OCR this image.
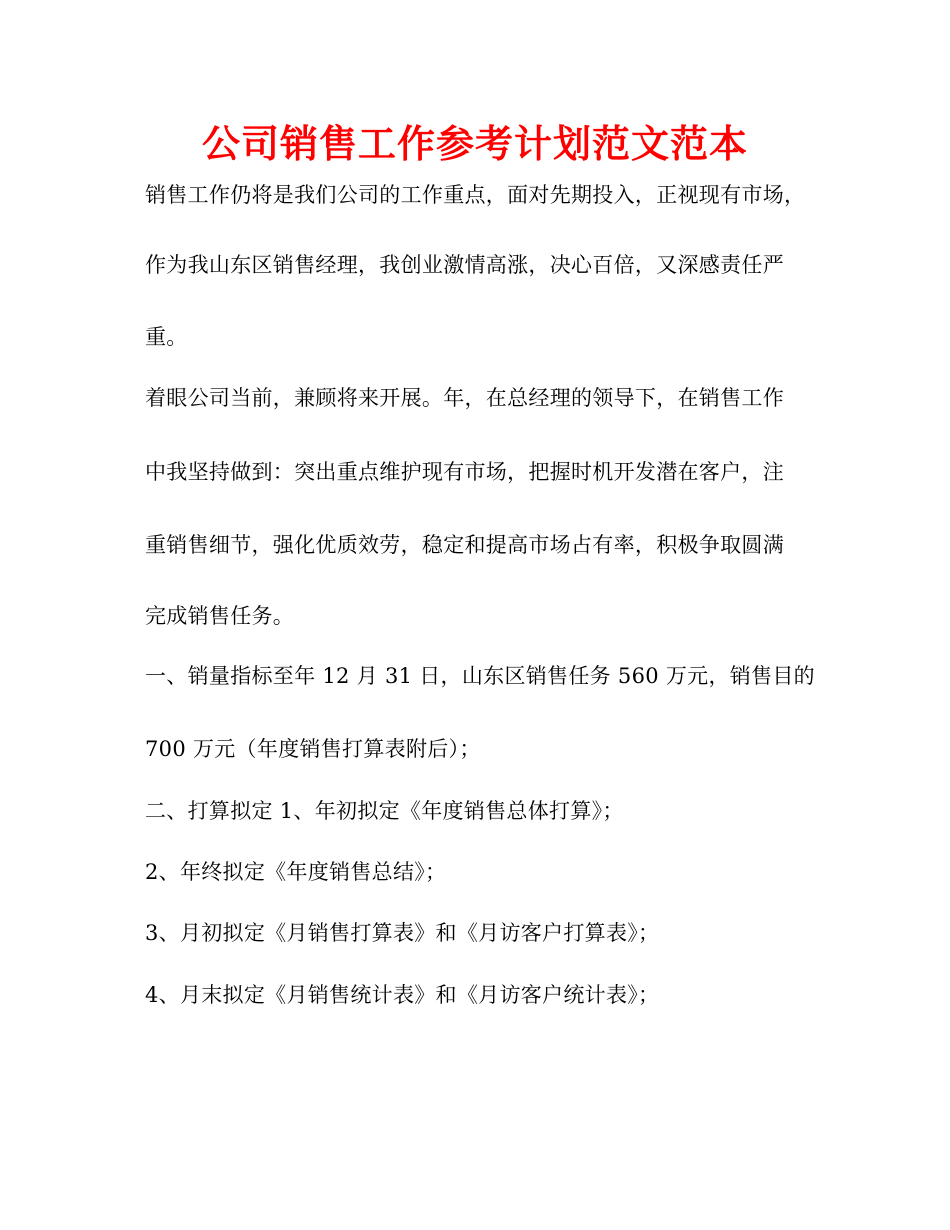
公司销售工作参考计划范文范本
销售工作仍将是我们公司的工作重点，面对先期投入，正视现有市场，
作为我山东区销售经理，我创业激情高涨，决心百倍，又深感责任严
重。
着眼公司当前，兼顾将来开展。年，在总经理的领导下，在销售工作
中我坚持做到：突出重点维护现有市场，把握时机开发潜在客户，注
重销售细节，强化优质效劳，稳定和提高市场占有率，积极争取圆满
完成销售任务。
一、销量指标至年 12 月 31 日，山东区销售任务 560 万元，销售目的
700 万元（年度销售打算表附后）；
二、打算拟定 1、年初拟定《年度销售总体打算》；
2、年终拟定《年度销售总结》；
3、月初拟定《月销售打算表》和《月访客户打算表》；
4、月末拟定《月销售统计表》和《月访客户统计表》；
